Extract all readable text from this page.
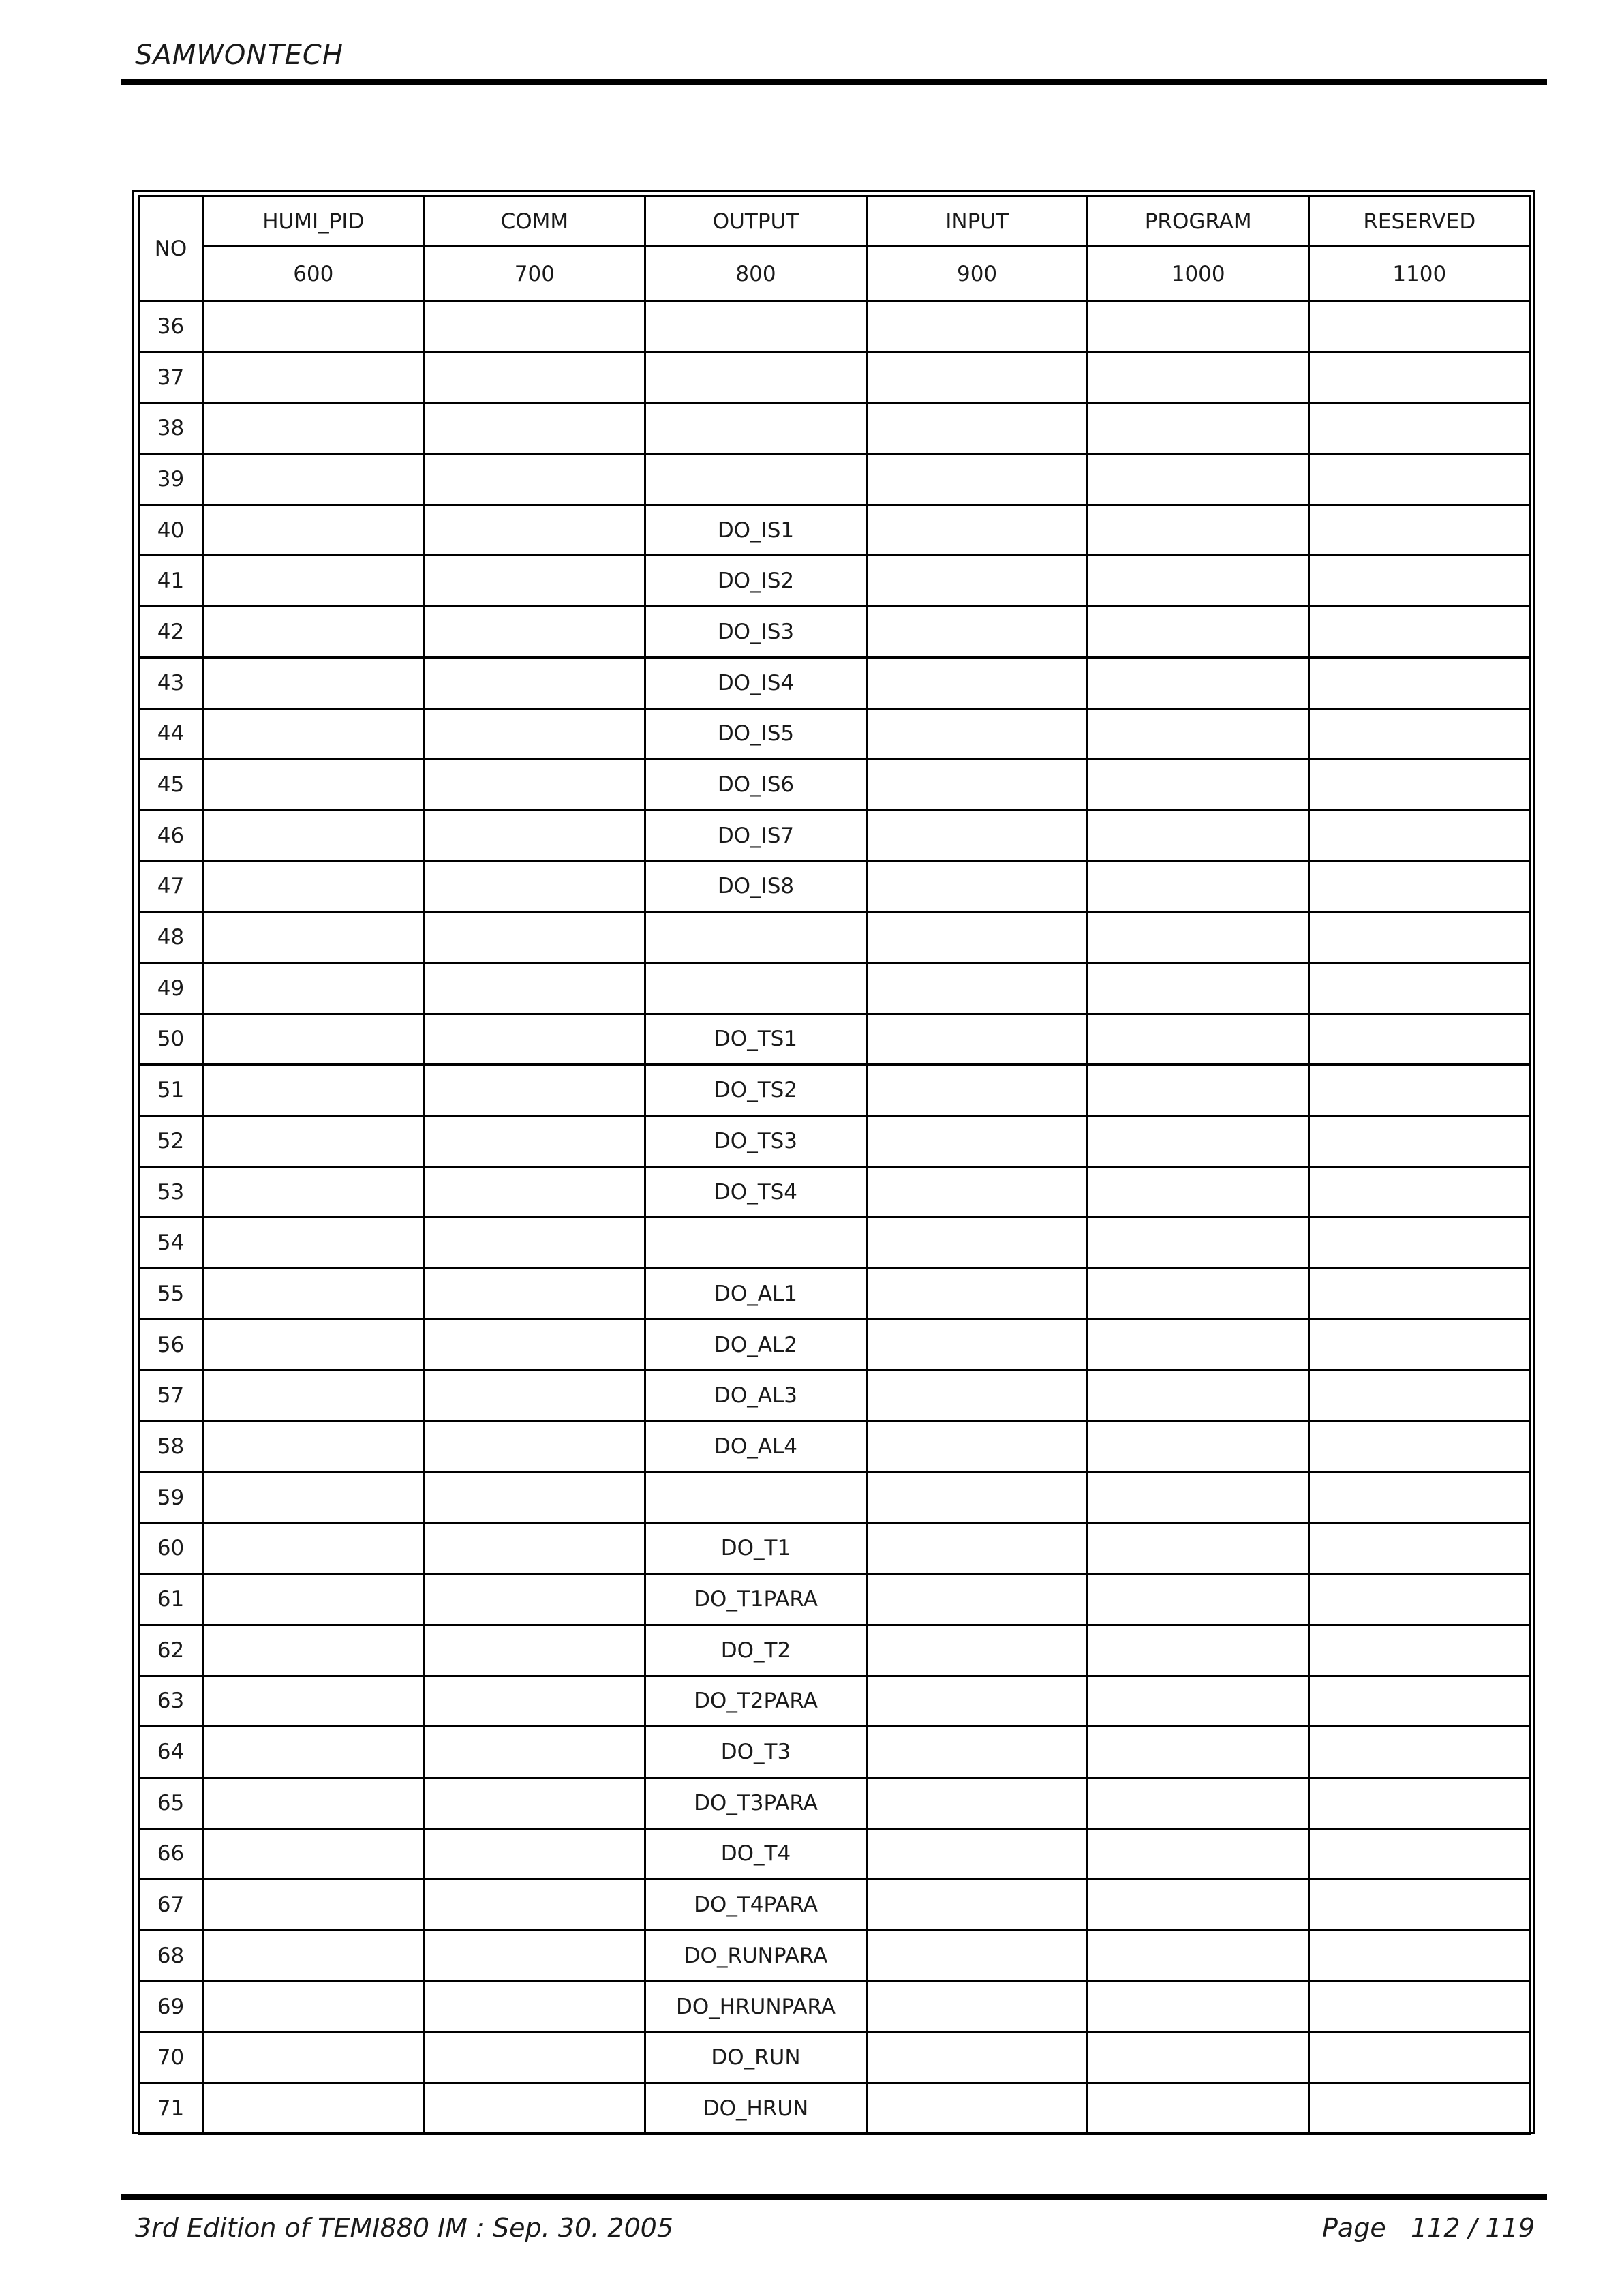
SAMWONTECH
NO	HUMI_PID	COMM	OUTPUT	INPUT	PROGRAM	RESERVED
	600	700	800	900	1000	1100
36						
37						
38						
39						
40			DO_IS1			
41			DO_IS2			
42			DO_IS3			
43			DO_IS4			
44			DO_IS5			
45			DO_IS6			
46			DO_IS7			
47			DO_IS8			
48						
49						
50			DO_TS1			
51			DO_TS2			
52			DO_TS3			
53			DO_TS4			
54						
55			DO_AL1			
56			DO_AL2			
57			DO_AL3			
58			DO_AL4			
59						
60			DO_T1			
61			DO_T1PARA			
62			DO_T2			
63			DO_T2PARA			
64			DO_T3			
65			DO_T3PARA			
66			DO_T4			
67			DO_T4PARA			
68			DO_RUNPARA			
69			DO_HRUNPARA			
70			DO_RUN			
71			DO_HRUN			
3rd Edition of TEMI880 IM : Sep. 30. 2005	Page 112 / 119
